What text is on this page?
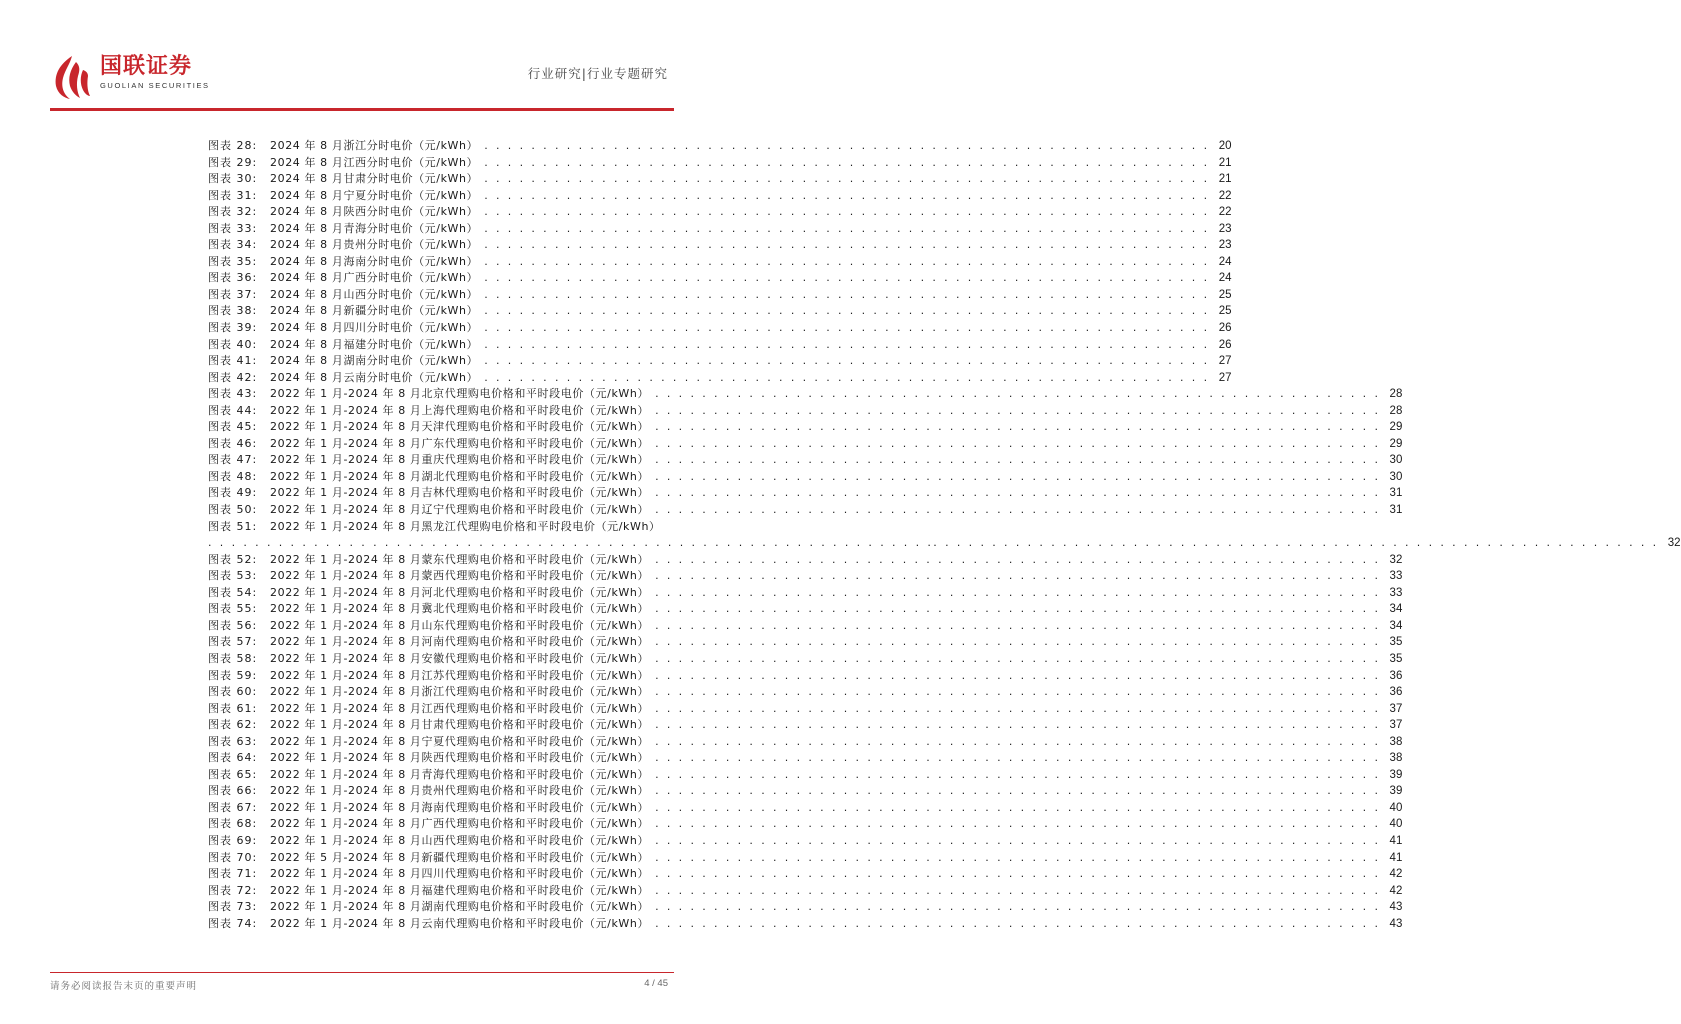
国联证券
GUOLIAN SECURITIES
行业研究|行业专题研究
图表 28:	2024 年 8 月浙江分时电价（元/kWh） . . . . . . . . . . . . . . . . . . . . . . . . . . . . . . . . . . . . . . . . . . . . . . . . . . . . . . . . . . . . . . 20
图表 29:	2024 年 8 月江西分时电价（元/kWh） . . . . . . . . . . . . . . . . . . . . . . . . . . . . . . . . . . . . . . . . . . . . . . . . . . . . . . . . . . . . . . 21
图表 30:	2024 年 8 月甘肃分时电价（元/kWh） . . . . . . . . . . . . . . . . . . . . . . . . . . . . . . . . . . . . . . . . . . . . . . . . . . . . . . . . . . . . . . 21
图表 31:	2024 年 8 月宁夏分时电价（元/kWh） . . . . . . . . . . . . . . . . . . . . . . . . . . . . . . . . . . . . . . . . . . . . . . . . . . . . . . . . . . . . . . 22
图表 32:	2024 年 8 月陕西分时电价（元/kWh） . . . . . . . . . . . . . . . . . . . . . . . . . . . . . . . . . . . . . . . . . . . . . . . . . . . . . . . . . . . . . . 22
图表 33:	2024 年 8 月青海分时电价（元/kWh） . . . . . . . . . . . . . . . . . . . . . . . . . . . . . . . . . . . . . . . . . . . . . . . . . . . . . . . . . . . . . . 23
图表 34:	2024 年 8 月贵州分时电价（元/kWh） . . . . . . . . . . . . . . . . . . . . . . . . . . . . . . . . . . . . . . . . . . . . . . . . . . . . . . . . . . . . . . 23
图表 35:	2024 年 8 月海南分时电价（元/kWh） . . . . . . . . . . . . . . . . . . . . . . . . . . . . . . . . . . . . . . . . . . . . . . . . . . . . . . . . . . . . . . 24
图表 36:	2024 年 8 月广西分时电价（元/kWh） . . . . . . . . . . . . . . . . . . . . . . . . . . . . . . . . . . . . . . . . . . . . . . . . . . . . . . . . . . . . . . 24
图表 37:	2024 年 8 月山西分时电价（元/kWh） . . . . . . . . . . . . . . . . . . . . . . . . . . . . . . . . . . . . . . . . . . . . . . . . . . . . . . . . . . . . . . 25
图表 38:	2024 年 8 月新疆分时电价（元/kWh） . . . . . . . . . . . . . . . . . . . . . . . . . . . . . . . . . . . . . . . . . . . . . . . . . . . . . . . . . . . . . . 25
图表 39:	2024 年 8 月四川分时电价（元/kWh） . . . . . . . . . . . . . . . . . . . . . . . . . . . . . . . . . . . . . . . . . . . . . . . . . . . . . . . . . . . . . . 26
图表 40:	2024 年 8 月福建分时电价（元/kWh） . . . . . . . . . . . . . . . . . . . . . . . . . . . . . . . . . . . . . . . . . . . . . . . . . . . . . . . . . . . . . . 26
图表 41:	2024 年 8 月湖南分时电价（元/kWh） . . . . . . . . . . . . . . . . . . . . . . . . . . . . . . . . . . . . . . . . . . . . . . . . . . . . . . . . . . . . . . 27
图表 42:	2024 年 8 月云南分时电价（元/kWh） . . . . . . . . . . . . . . . . . . . . . . . . . . . . . . . . . . . . . . . . . . . . . . . . . . . . . . . . . . . . . . 27
图表 43:	2022 年 1 月-2024 年 8 月北京代理购电价格和平时段电价（元/kWh） . . . . . . . . . . . . . . . . . . . . . . . . . . . . . . . . . . . . . . . . . . . . . . . . . . . . . . . . . . . . . . 28
图表 44:	2022 年 1 月-2024 年 8 月上海代理购电价格和平时段电价（元/kWh） . . . . . . . . . . . . . . . . . . . . . . . . . . . . . . . . . . . . . . . . . . . . . . . . . . . . . . . . . . . . . . 28
图表 45:	2022 年 1 月-2024 年 8 月天津代理购电价格和平时段电价（元/kWh） . . . . . . . . . . . . . . . . . . . . . . . . . . . . . . . . . . . . . . . . . . . . . . . . . . . . . . . . . . . . . . 29
图表 46:	2022 年 1 月-2024 年 8 月广东代理购电价格和平时段电价（元/kWh） . . . . . . . . . . . . . . . . . . . . . . . . . . . . . . . . . . . . . . . . . . . . . . . . . . . . . . . . . . . . . . 29
图表 47:	2022 年 1 月-2024 年 8 月重庆代理购电价格和平时段电价（元/kWh） . . . . . . . . . . . . . . . . . . . . . . . . . . . . . . . . . . . . . . . . . . . . . . . . . . . . . . . . . . . . . . 30
图表 48:	2022 年 1 月-2024 年 8 月湖北代理购电价格和平时段电价（元/kWh） . . . . . . . . . . . . . . . . . . . . . . . . . . . . . . . . . . . . . . . . . . . . . . . . . . . . . . . . . . . . . . 30
图表 49:	2022 年 1 月-2024 年 8 月吉林代理购电价格和平时段电价（元/kWh） . . . . . . . . . . . . . . . . . . . . . . . . . . . . . . . . . . . . . . . . . . . . . . . . . . . . . . . . . . . . . . 31
图表 50:	2022 年 1 月-2024 年 8 月辽宁代理购电价格和平时段电价（元/kWh） . . . . . . . . . . . . . . . . . . . . . . . . . . . . . . . . . . . . . . . . . . . . . . . . . . . . . . . . . . . . . . 31
图表 51:	2022 年 1 月-2024 年 8 月黑龙江代理购电价格和平时段电价（元/kWh）
. . . . . . . . . . . . . . . . . . . . . . . . . . . . . . . . . . . . . . . . . . . . . . . . . . . . . . . . . . . . . .. . . . . . . . . . . . . . . . . . . . . . . . . . . . . . . . . . . . . . . . . . . . . . . . . . . . . . . . . . . . . . 32
图表 52:	2022 年 1 月-2024 年 8 月蒙东代理购电价格和平时段电价（元/kWh） . . . . . . . . . . . . . . . . . . . . . . . . . . . . . . . . . . . . . . . . . . . . . . . . . . . . . . . . . . . . . . 32
图表 53:	2022 年 1 月-2024 年 8 月蒙西代理购电价格和平时段电价（元/kWh） . . . . . . . . . . . . . . . . . . . . . . . . . . . . . . . . . . . . . . . . . . . . . . . . . . . . . . . . . . . . . . 33
图表 54:	2022 年 1 月-2024 年 8 月河北代理购电价格和平时段电价（元/kWh） . . . . . . . . . . . . . . . . . . . . . . . . . . . . . . . . . . . . . . . . . . . . . . . . . . . . . . . . . . . . . . 33
图表 55:	2022 年 1 月-2024 年 8 月冀北代理购电价格和平时段电价（元/kWh） . . . . . . . . . . . . . . . . . . . . . . . . . . . . . . . . . . . . . . . . . . . . . . . . . . . . . . . . . . . . . . 34
图表 56:	2022 年 1 月-2024 年 8 月山东代理购电价格和平时段电价（元/kWh） . . . . . . . . . . . . . . . . . . . . . . . . . . . . . . . . . . . . . . . . . . . . . . . . . . . . . . . . . . . . . . 34
图表 57:	2022 年 1 月-2024 年 8 月河南代理购电价格和平时段电价（元/kWh） . . . . . . . . . . . . . . . . . . . . . . . . . . . . . . . . . . . . . . . . . . . . . . . . . . . . . . . . . . . . . . 35
图表 58:	2022 年 1 月-2024 年 8 月安徽代理购电价格和平时段电价（元/kWh） . . . . . . . . . . . . . . . . . . . . . . . . . . . . . . . . . . . . . . . . . . . . . . . . . . . . . . . . . . . . . . 35
图表 59:	2022 年 1 月-2024 年 8 月江苏代理购电价格和平时段电价（元/kWh） . . . . . . . . . . . . . . . . . . . . . . . . . . . . . . . . . . . . . . . . . . . . . . . . . . . . . . . . . . . . . . 36
图表 60:	2022 年 1 月-2024 年 8 月浙江代理购电价格和平时段电价（元/kWh） . . . . . . . . . . . . . . . . . . . . . . . . . . . . . . . . . . . . . . . . . . . . . . . . . . . . . . . . . . . . . . 36
图表 61:	2022 年 1 月-2024 年 8 月江西代理购电价格和平时段电价（元/kWh） . . . . . . . . . . . . . . . . . . . . . . . . . . . . . . . . . . . . . . . . . . . . . . . . . . . . . . . . . . . . . . 37
图表 62:	2022 年 1 月-2024 年 8 月甘肃代理购电价格和平时段电价（元/kWh） . . . . . . . . . . . . . . . . . . . . . . . . . . . . . . . . . . . . . . . . . . . . . . . . . . . . . . . . . . . . . . 37
图表 63:	2022 年 1 月-2024 年 8 月宁夏代理购电价格和平时段电价（元/kWh） . . . . . . . . . . . . . . . . . . . . . . . . . . . . . . . . . . . . . . . . . . . . . . . . . . . . . . . . . . . . . . 38
图表 64:	2022 年 1 月-2024 年 8 月陕西代理购电价格和平时段电价（元/kWh） . . . . . . . . . . . . . . . . . . . . . . . . . . . . . . . . . . . . . . . . . . . . . . . . . . . . . . . . . . . . . . 38
图表 65:	2022 年 1 月-2024 年 8 月青海代理购电价格和平时段电价（元/kWh） . . . . . . . . . . . . . . . . . . . . . . . . . . . . . . . . . . . . . . . . . . . . . . . . . . . . . . . . . . . . . . 39
图表 66:	2022 年 1 月-2024 年 8 月贵州代理购电价格和平时段电价（元/kWh） . . . . . . . . . . . . . . . . . . . . . . . . . . . . . . . . . . . . . . . . . . . . . . . . . . . . . . . . . . . . . . 39
图表 67:	2022 年 1 月-2024 年 8 月海南代理购电价格和平时段电价（元/kWh） . . . . . . . . . . . . . . . . . . . . . . . . . . . . . . . . . . . . . . . . . . . . . . . . . . . . . . . . . . . . . . 40
图表 68:	2022 年 1 月-2024 年 8 月广西代理购电价格和平时段电价（元/kWh） . . . . . . . . . . . . . . . . . . . . . . . . . . . . . . . . . . . . . . . . . . . . . . . . . . . . . . . . . . . . . . 40
图表 69:	2022 年 1 月-2024 年 8 月山西代理购电价格和平时段电价（元/kWh） . . . . . . . . . . . . . . . . . . . . . . . . . . . . . . . . . . . . . . . . . . . . . . . . . . . . . . . . . . . . . . 41
图表 70:	2022 年 5 月-2024 年 8 月新疆代理购电价格和平时段电价（元/kWh） . . . . . . . . . . . . . . . . . . . . . . . . . . . . . . . . . . . . . . . . . . . . . . . . . . . . . . . . . . . . . . 41
图表 71:	2022 年 1 月-2024 年 8 月四川代理购电价格和平时段电价（元/kWh） . . . . . . . . . . . . . . . . . . . . . . . . . . . . . . . . . . . . . . . . . . . . . . . . . . . . . . . . . . . . . . 42
图表 72:	2022 年 1 月-2024 年 8 月福建代理购电价格和平时段电价（元/kWh） . . . . . . . . . . . . . . . . . . . . . . . . . . . . . . . . . . . . . . . . . . . . . . . . . . . . . . . . . . . . . . 42
图表 73:	2022 年 1 月-2024 年 8 月湖南代理购电价格和平时段电价（元/kWh） . . . . . . . . . . . . . . . . . . . . . . . . . . . . . . . . . . . . . . . . . . . . . . . . . . . . . . . . . . . . . . 43
图表 74:	2022 年 1 月-2024 年 8 月云南代理购电价格和平时段电价（元/kWh） . . . . . . . . . . . . . . . . . . . . . . . . . . . . . . . . . . . . . . . . . . . . . . . . . . . . . . . . . . . . . . 43
请务必阅读报告末页的重要声明	4 / 45
